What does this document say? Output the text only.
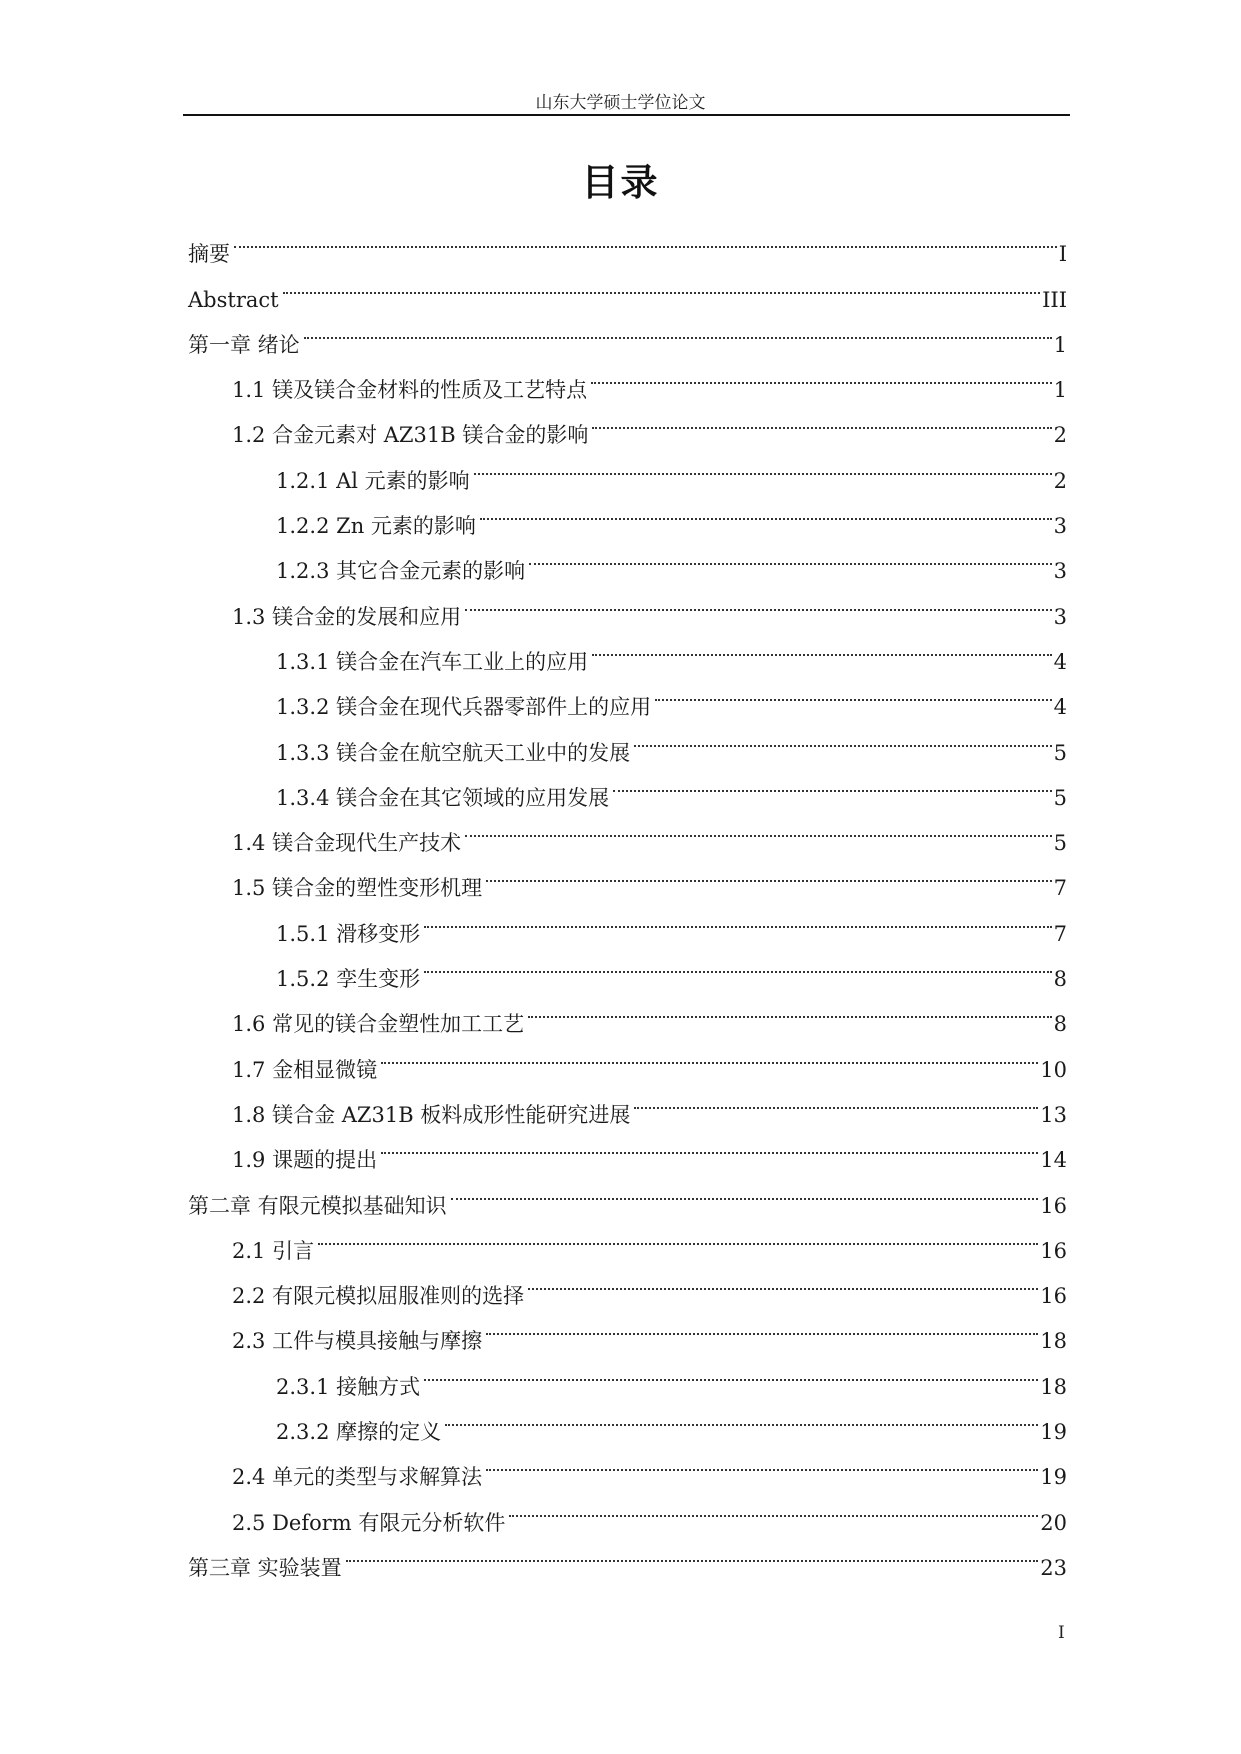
山东大学硕士学位论文
目录
摘要	I
Abstract	III
第一章 绪论	1
1.1 镁及镁合金材料的性质及工艺特点	1
1.2 合金元素对 AZ31B 镁合金的影响	2
1.2.1 Al 元素的影响	2
1.2.2 Zn 元素的影响	3
1.2.3 其它合金元素的影响	3
1.3 镁合金的发展和应用	3
1.3.1 镁合金在汽车工业上的应用	4
1.3.2 镁合金在现代兵器零部件上的应用	4
1.3.3 镁合金在航空航天工业中的发展	5
1.3.4 镁合金在其它领域的应用发展	5
1.4 镁合金现代生产技术	5
1.5 镁合金的塑性变形机理	7
1.5.1 滑移变形	7
1.5.2 孪生变形	8
1.6 常见的镁合金塑性加工工艺	8
1.7 金相显微镜	10
1.8 镁合金 AZ31B 板料成形性能研究进展	13
1.9 课题的提出	14
第二章 有限元模拟基础知识	16
2.1 引言	16
2.2 有限元模拟屈服准则的选择	16
2.3 工件与模具接触与摩擦	18
2.3.1 接触方式	18
2.3.2 摩擦的定义	19
2.4 单元的类型与求解算法	19
2.5 Deform 有限元分析软件	20
第三章 实验装置	23
I
